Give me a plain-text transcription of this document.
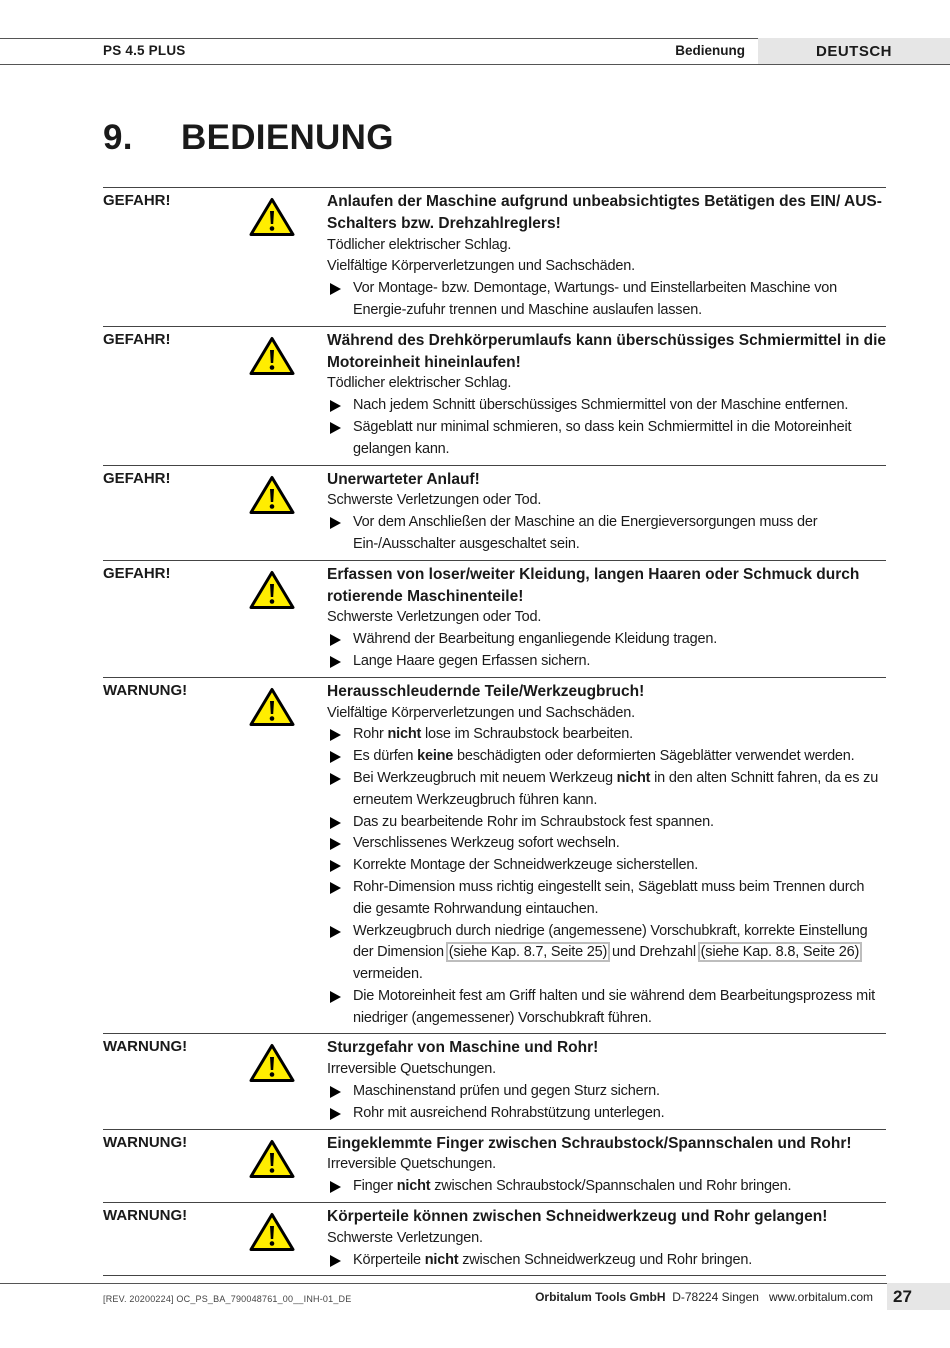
PS 4.5 PLUS	Bedienung	DEUTSCH
9. BEDIENUNG
GEFAHR!	Anlaufen der Maschine aufgrund unbeabsichtigtes Betätigen des EIN/ AUS-Schalters bzw. Drehzahlreglers!
Tödlicher elektrischer Schlag.
Vielfältige Körperverletzungen und Sachschäden.
Vor Montage- bzw. Demontage, Wartungs- und Einstellarbeiten Maschine von Energie-zufuhr trennen und Maschine auslaufen lassen.
GEFAHR!	Während des Drehkörperumlaufs kann überschüssiges Schmiermittel in die Motoreinheit hineinlaufen!
Tödlicher elektrischer Schlag.
Nach jedem Schnitt überschüssiges Schmiermittel von der Maschine entfernen.
Sägeblatt nur minimal schmieren, so dass kein Schmiermittel in die Motoreinheit gelangen kann.
GEFAHR!	Unerwarteter Anlauf!
Schwerste Verletzungen oder Tod.
Vor dem Anschließen der Maschine an die Energieversorgungen muss der Ein-/Ausschalter ausgeschaltet sein.
GEFAHR!	Erfassen von loser/weiter Kleidung, langen Haaren oder Schmuck durch rotierende Maschinenteile!
Schwerste Verletzungen oder Tod.
Während der Bearbeitung enganliegende Kleidung tragen.
Lange Haare gegen Erfassen sichern.
WARNUNG!	Herausschleudernde Teile/Werkzeugbruch!
Vielfältige Körperverletzungen und Sachschäden.
Rohr nicht lose im Schraubstock bearbeiten.
Es dürfen keine beschädigten oder deformierten Sägeblätter verwendet werden.
Bei Werkzeugbruch mit neuem Werkzeug nicht in den alten Schnitt fahren, da es zu erneutem Werkzeugbruch führen kann.
Das zu bearbeitende Rohr im Schraubstock fest spannen.
Verschlissenes Werkzeug sofort wechseln.
Korrekte Montage der Schneidwerkzeuge sicherstellen.
Rohr-Dimension muss richtig eingestellt sein, Sägeblatt muss beim Trennen durch die gesamte Rohrwandung eintauchen.
Werkzeugbruch durch niedrige (angemessene) Vorschubkraft, korrekte Einstellung der Dimension (siehe Kap. 8.7, Seite 25) und Drehzahl (siehe Kap. 8.8, Seite 26) vermeiden.
Die Motoreinheit fest am Griff halten und sie während dem Bearbeitungsprozess mit niedriger (angemessener) Vorschubkraft führen.
WARNUNG!	Sturzgefahr von Maschine und Rohr!
Irreversible Quetschungen.
Maschinenstand prüfen und gegen Sturz sichern.
Rohr mit ausreichend Rohrabstützung unterlegen.
WARNUNG!	Eingeklemmte Finger zwischen Schraubstock/Spannschalen und Rohr!
Irreversible Quetschungen.
Finger nicht zwischen Schraubstock/Spannschalen und Rohr bringen.
WARNUNG!	Körperteile können zwischen Schneidwerkzeug und Rohr gelangen!
Schwerste Verletzungen.
Körperteile nicht zwischen Schneidwerkzeug und Rohr bringen.
[REV. 20200224] OC_PS_BA_790048761_00__INH-01_DE	Orbitalum Tools GmbH D-78224 Singen www.orbitalum.com	27
